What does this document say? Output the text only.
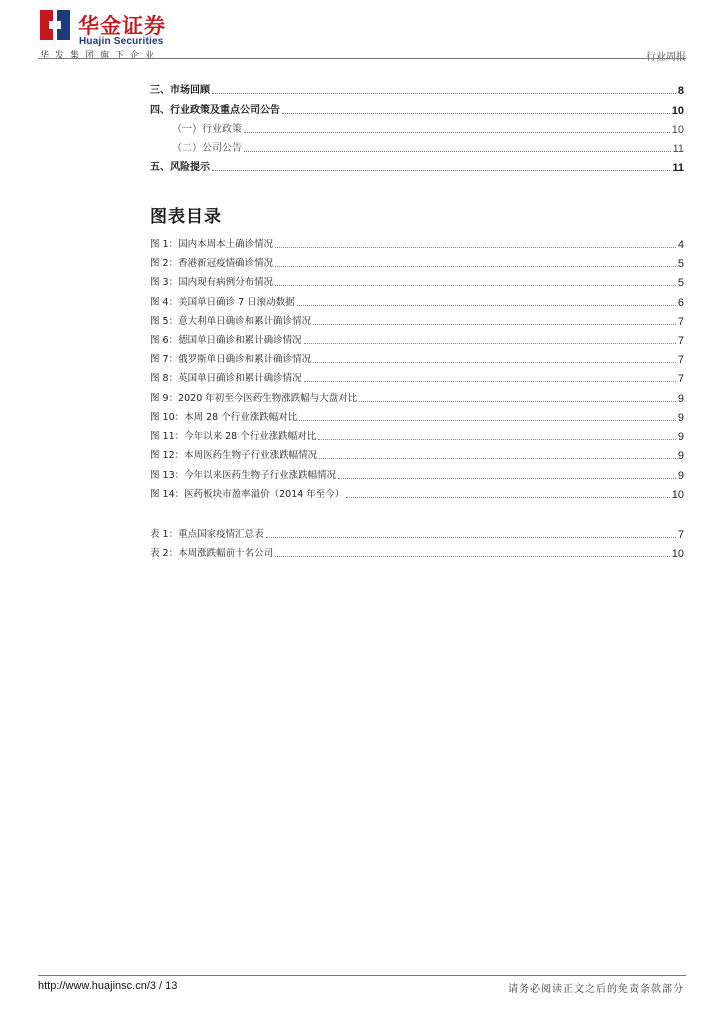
华金证券
Huajin Securities
华发集团旗下企业	行业周报
三、市场回顾	8
四、行业政策及重点公司公告	10
（一）行业政策	10
（二）公司公告	11
五、风险提示	11
图表目录
图 1：国内本周本土确诊情况	4
图 2：香港新冠疫情确诊情况	5
图 3：国内现有病例分布情况	5
图 4：美国单日确诊 7 日滚动数据	6
图 5：意大利单日确诊和累计确诊情况	7
图 6：德国单日确诊和累计确诊情况	7
图 7：俄罗斯单日确诊和累计确诊情况	7
图 8：英国单日确诊和累计确诊情况	7
图 9：2020 年初至今医药生物涨跌幅与大盘对比	9
图 10：本周 28 个行业涨跌幅对比	9
图 11：今年以来 28 个行业涨跌幅对比	9
图 12：本周医药生物子行业涨跌幅情况	9
图 13：今年以来医药生物子行业涨跌幅情况	9
图 14：医药板块市盈率溢价（2014 年至今）	10
表 1：重点国家疫情汇总表	7
表 2：本周涨跌幅前十名公司	10
http://www.huajinsc.cn/3 / 13	请务必阅读正文之后的免责条款部分
